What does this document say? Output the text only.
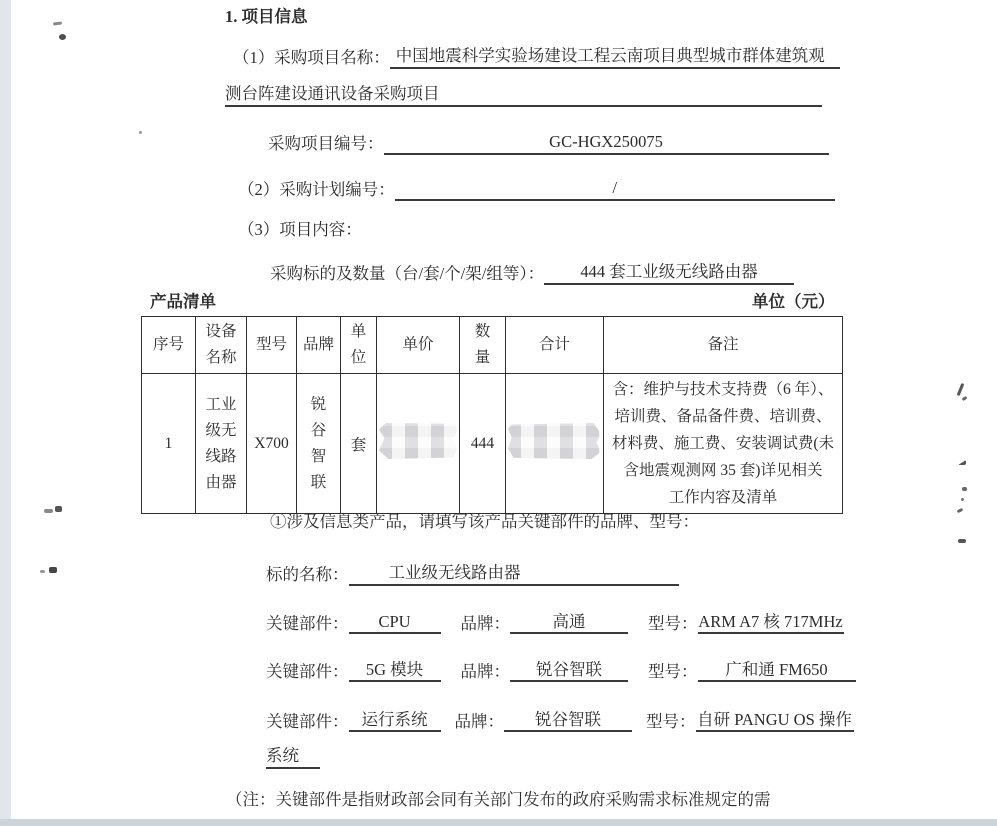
1. 项目信息
（1）采购项目名称： 中国地震科学实验场建设工程云南项目典型城市群体建筑观
测台阵建设通讯设备采购项目
采购项目编号：	GC-HGX250075
（2）采购计划编号：	/
（3）项目内容：
采购标的及数量（台/套/个/架/组等）： 444 套工业级无线路由器
产品清单	单位（元）
序号	设备名称	型号	品牌	单位	单价	数量	合计	备注
1	工业级无线路由器	X700	锐谷智联	套		444		含：维护与技术支持费（6 年）、
培训费、备品备件费、培训费、
材料费、施工费、安装调试费(未
含地震观测网 35 套)详见相关
工作内容及清单
①涉及信息类产品，请填写该产品关键部件的品牌、型号：
标的名称： 工业级无线路由器
关键部件：	CPU	品牌：	高通	型号： ARM A7 核 717MHz
关键部件：	5G 模块	品牌：	锐谷智联	型号：	广和通 FM650
关键部件： 运行系统	品牌：	锐谷智联	型号： 自研 PANGU OS 操作
系统
（注：关键部件是指财政部会同有关部门发布的政府采购需求标准规定的需
